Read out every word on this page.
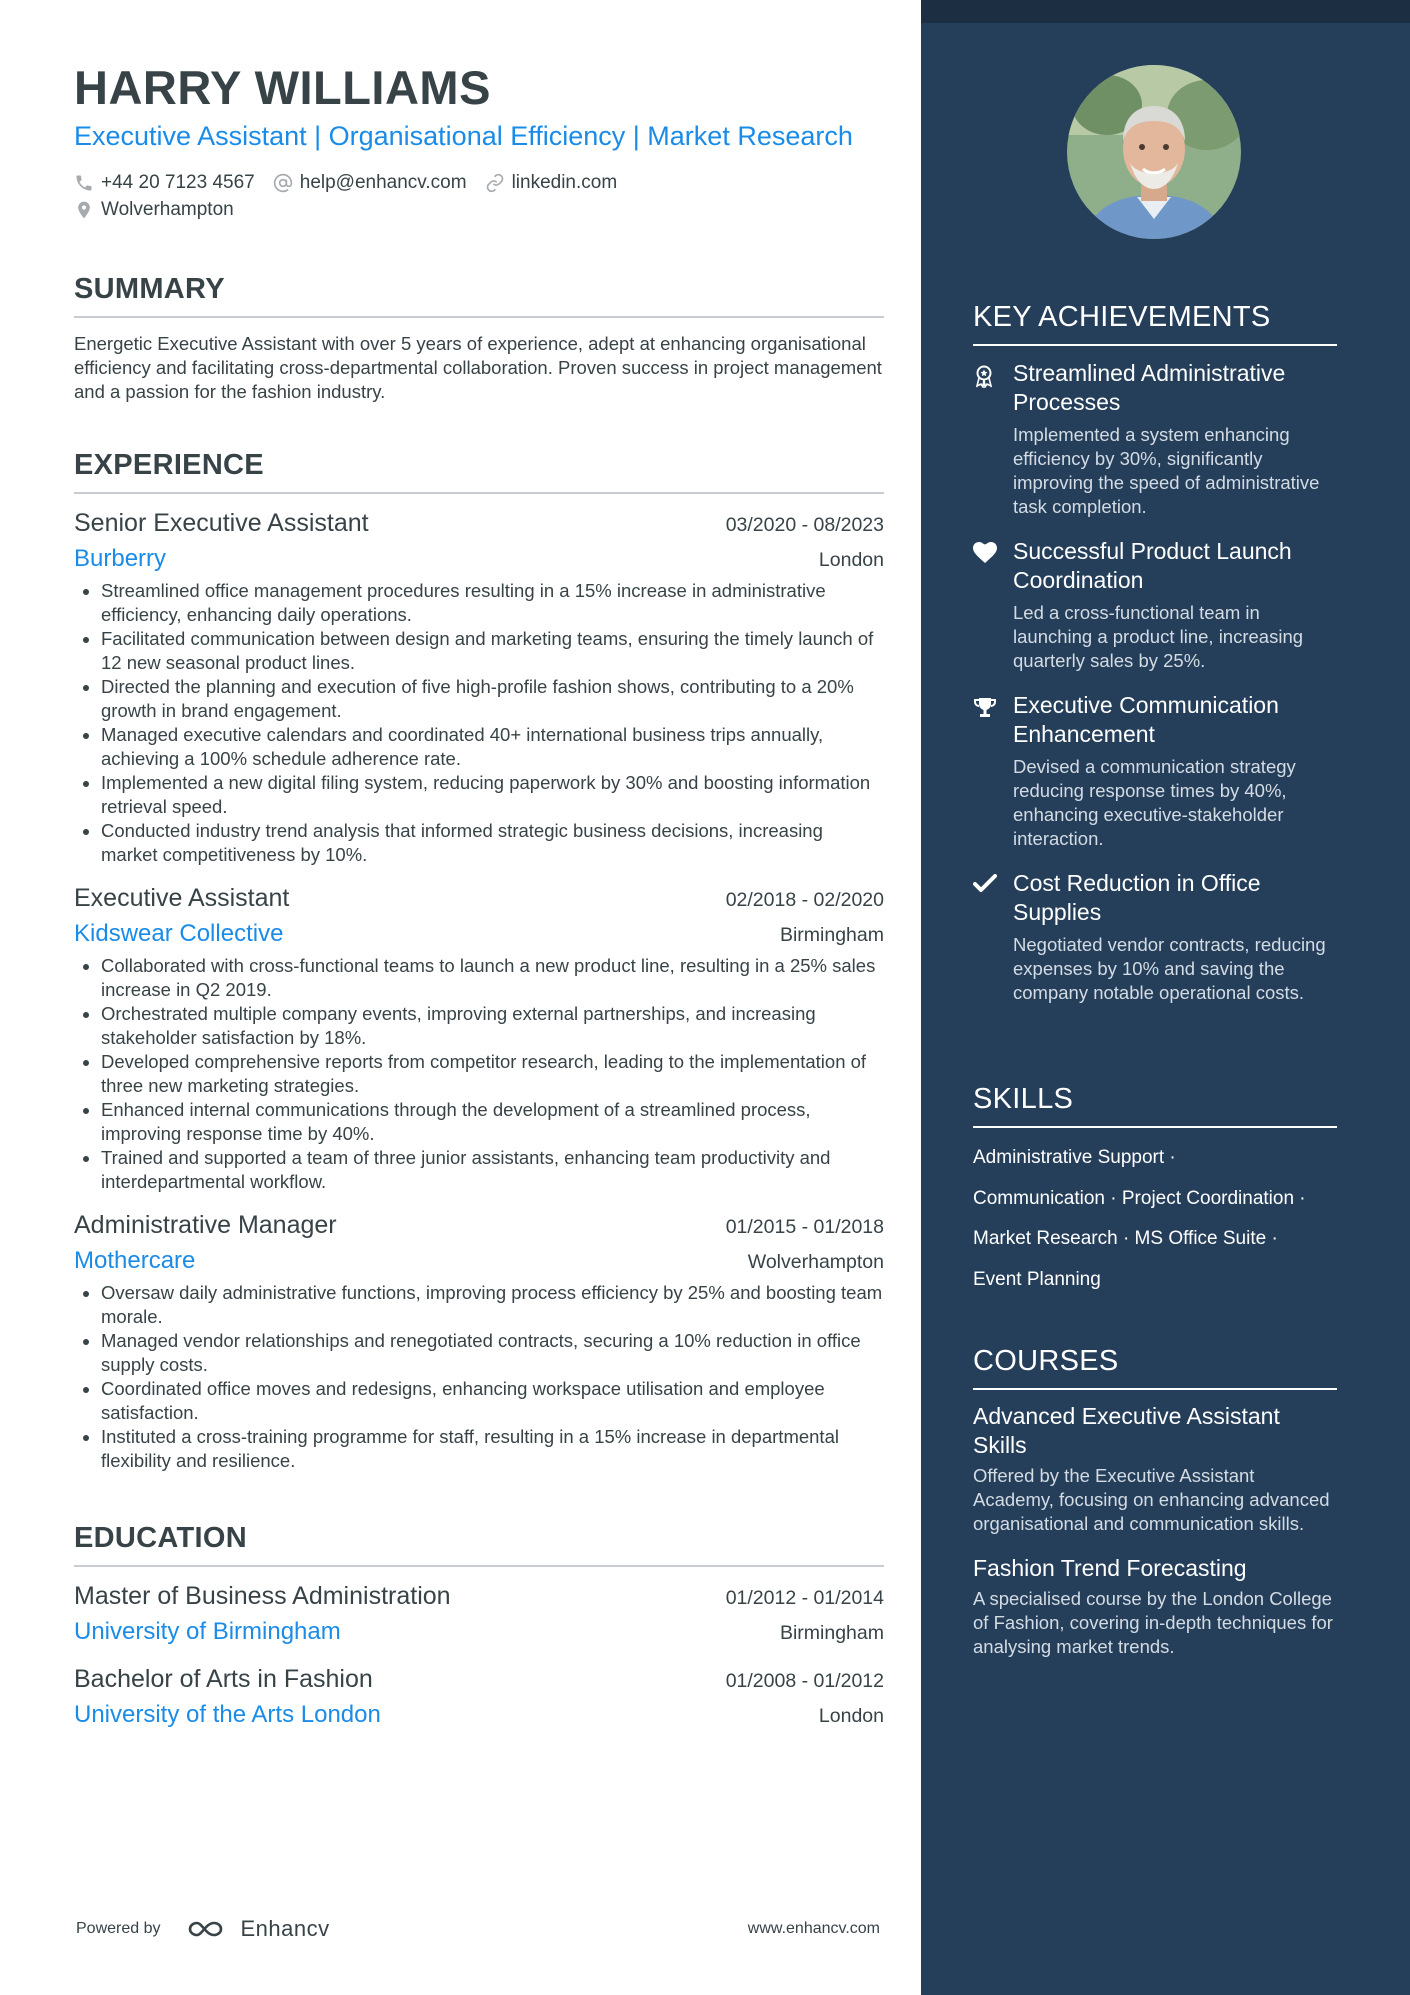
HARRY WILLIAMS
Executive Assistant | Organisational Efficiency | Market Research
+44 20 7123 4567 help@enhancv.com linkedin.com
Wolverhampton
SUMMARY
Energetic Executive Assistant with over 5 years of experience, adept at enhancing organisational efficiency and facilitating cross-departmental collaboration. Proven success in project management and a passion for the fashion industry.
EXPERIENCE
Senior Executive Assistant	03/2020 - 08/2023
Burberry	London
Streamlined office management procedures resulting in a 15% increase in administrative efficiency, enhancing daily operations.
Facilitated communication between design and marketing teams, ensuring the timely launch of 12 new seasonal product lines.
Directed the planning and execution of five high-profile fashion shows, contributing to a 20% growth in brand engagement.
Managed executive calendars and coordinated 40+ international business trips annually, achieving a 100% schedule adherence rate.
Implemented a new digital filing system, reducing paperwork by 30% and boosting information retrieval speed.
Conducted industry trend analysis that informed strategic business decisions, increasing market competitiveness by 10%.
Executive Assistant	02/2018 - 02/2020
Kidswear Collective	Birmingham
Collaborated with cross-functional teams to launch a new product line, resulting in a 25% sales increase in Q2 2019.
Orchestrated multiple company events, improving external partnerships, and increasing stakeholder satisfaction by 18%.
Developed comprehensive reports from competitor research, leading to the implementation of three new marketing strategies.
Enhanced internal communications through the development of a streamlined process, improving response time by 40%.
Trained and supported a team of three junior assistants, enhancing team productivity and interdepartmental workflow.
Administrative Manager	01/2015 - 01/2018
Mothercare	Wolverhampton
Oversaw daily administrative functions, improving process efficiency by 25% and boosting team morale.
Managed vendor relationships and renegotiated contracts, securing a 10% reduction in office supply costs.
Coordinated office moves and redesigns, enhancing workspace utilisation and employee satisfaction.
Instituted a cross-training programme for staff, resulting in a 15% increase in departmental flexibility and resilience.
EDUCATION
Master of Business Administration	01/2012 - 01/2014
University of Birmingham	Birmingham
Bachelor of Arts in Fashion	01/2008 - 01/2012
University of the Arts London	London
Powered by	Enhancv	www.enhancv.com
KEY ACHIEVEMENTS
Streamlined Administrative Processes
Implemented a system enhancing efficiency by 30%, significantly improving the speed of administrative task completion.
Successful Product Launch Coordination
Led a cross-functional team in launching a product line, increasing quarterly sales by 25%.
Executive Communication Enhancement
Devised a communication strategy reducing response times by 40%, enhancing executive-stakeholder interaction.
Cost Reduction in Office Supplies
Negotiated vendor contracts, reducing expenses by 10% and saving the company notable operational costs.
SKILLS
Administrative Support ·
Communication · Project Coordination ·
Market Research · MS Office Suite ·
Event Planning
COURSES
Advanced Executive Assistant Skills
Offered by the Executive Assistant Academy, focusing on enhancing advanced organisational and communication skills.
Fashion Trend Forecasting
A specialised course by the London College of Fashion, covering in-depth techniques for analysing market trends.
